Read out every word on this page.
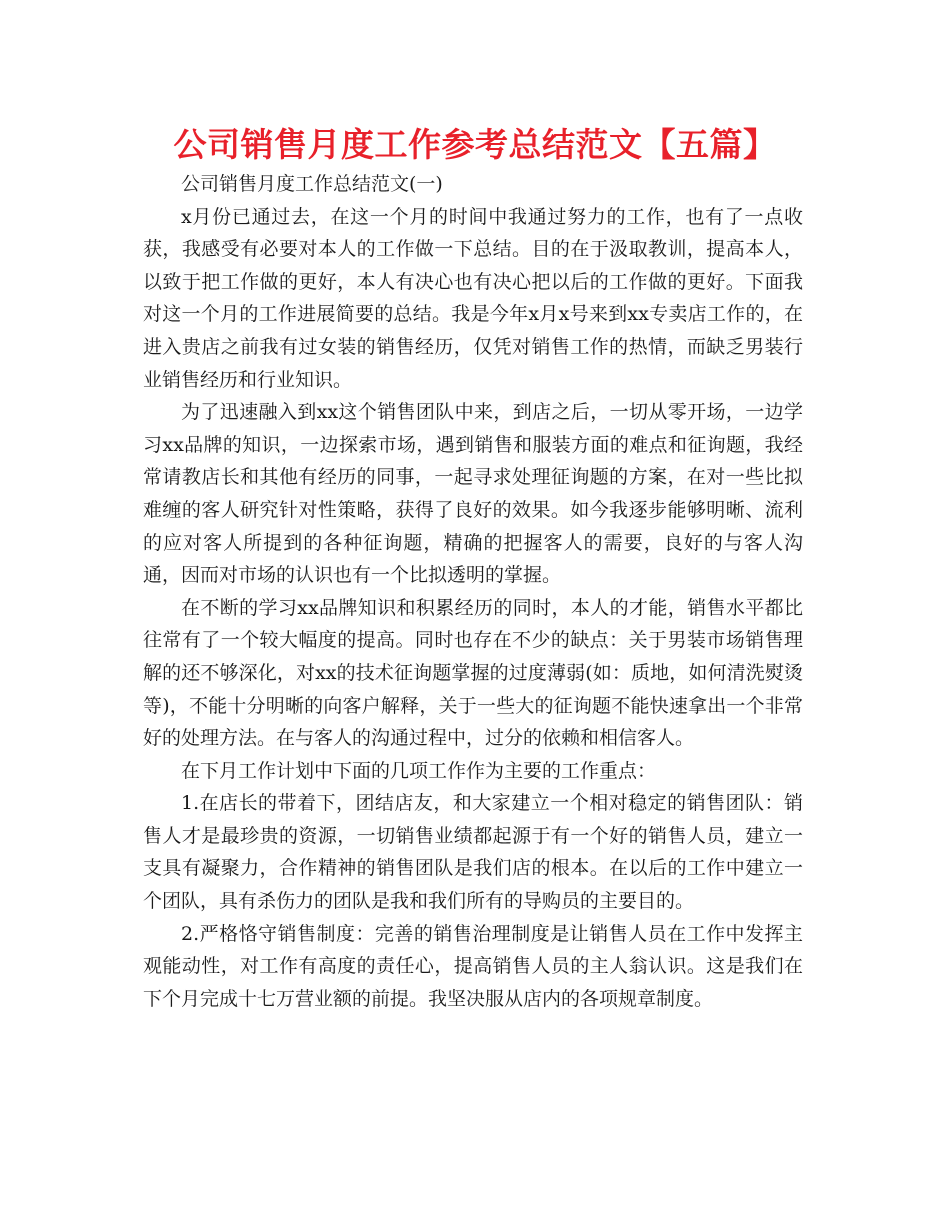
公司销售月度工作参考总结范文【五篇】

公司销售月度工作总结范文(一)

x月份已通过去，在这一个月的时间中我通过努力的工作，也有了一点收获，我感受有必要对本人的工作做一下总结。目的在于汲取教训，提高本人，以致于把工作做的更好，本人有决心也有决心把以后的工作做的更好。下面我对这一个月的工作进展简要的总结。我是今年x月x号来到xx专卖店工作的，在进入贵店之前我有过女装的销售经历，仅凭对销售工作的热情，而缺乏男装行业销售经历和行业知识。

为了迅速融入到xx这个销售团队中来，到店之后，一切从零开场，一边学习xx品牌的知识，一边探索市场，遇到销售和服装方面的难点和征询题，我经常请教店长和其他有经历的同事，一起寻求处理征询题的方案，在对一些比拟难缠的客人研究针对性策略，获得了良好的效果。如今我逐步能够明晰、流利的应对客人所提到的各种征询题，精确的把握客人的需要，良好的与客人沟通，因而对市场的认识也有一个比拟透明的掌握。

在不断的学习xx品牌知识和积累经历的同时，本人的才能，销售水平都比往常有了一个较大幅度的提高。同时也存在不少的缺点：关于男装市场销售理解的还不够深化，对xx的技术征询题掌握的过度薄弱(如：质地，如何清洗熨烫等)，不能十分明晰的向客户解释，关于一些大的征询题不能快速拿出一个非常好的处理方法。在与客人的沟通过程中，过分的依赖和相信客人。

在下月工作计划中下面的几项工作作为主要的工作重点：

1.在店长的带着下，团结店友，和大家建立一个相对稳定的销售团队：销售人才是最珍贵的资源，一切销售业绩都起源于有一个好的销售人员，建立一支具有凝聚力，合作精神的销售团队是我们店的根本。在以后的工作中建立一个团队，具有杀伤力的团队是我和我们所有的导购员的主要目的。

2.严格恪守销售制度：完善的销售治理制度是让销售人员在工作中发挥主观能动性，对工作有高度的责任心，提高销售人员的主人翁认识。这是我们在下个月完成十七万营业额的前提。我坚决服从店内的各项规章制度。
